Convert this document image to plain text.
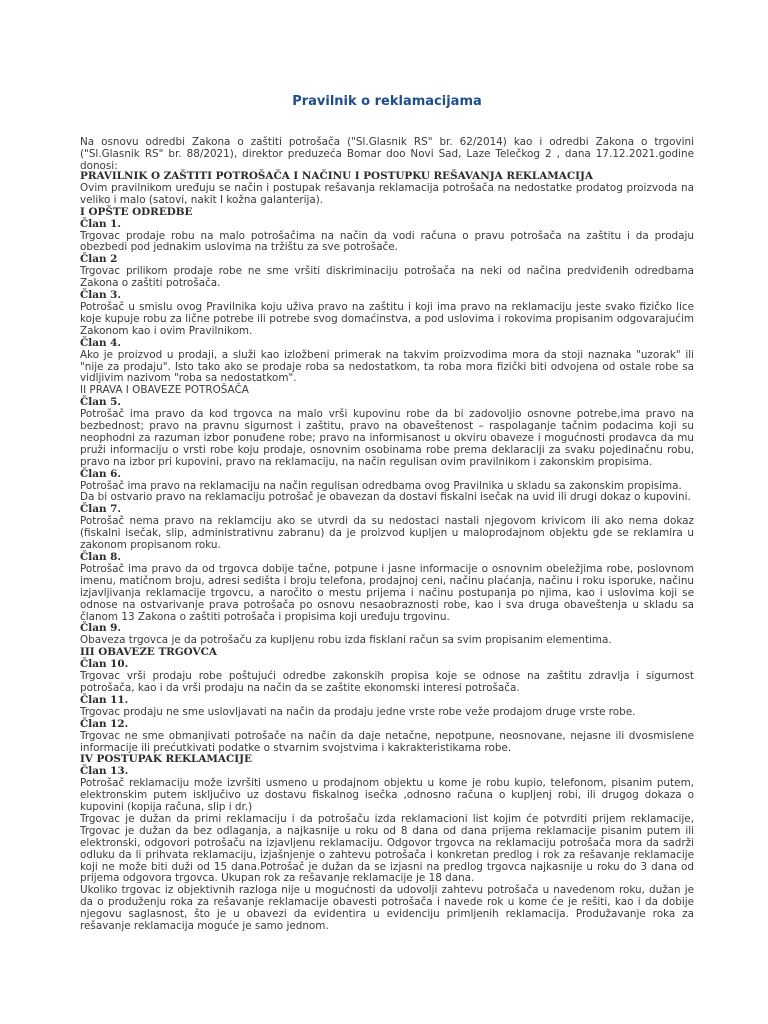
Pravilnik o reklamacijama
Na osnovu odredbi Zakona o zaštiti potrošača ("Sl.Glasnik RS" br. 62/2014) kao i odredbi Zakona o trgovini ("Sl.Glasnik RS" br. 88/2021), direktor preduzeća Bomar doo Novi Sad, Laze Telečkog 2 , dana 17.12.2021.godine donosi:

PRAVILNIK O ZAŠTITI POTROŠAČA I NAČINU I POSTUPKU REŠAVANJA REKLAMACIJA

Ovim pravilnikom uređuju se način i postupak rešavanja reklamacija potrošača na nedostatke prodatog proizvoda na veliko i malo (satovi, nakit I kožna galanterija).

I OPŠTE ODREDBE

Član 1.

Trgovac prodaje robu na malo potrošačima na način da vodi računa o pravu potrošača na zaštitu i da prodaju obezbedi pod jednakim uslovima na tržištu za sve potrošače.

Član 2

Trgovac prilikom prodaje robe ne sme vršiti diskriminaciju potrošača na neki od načina predviđenih odredbama Zakona o zaštiti potrošača.

Član 3.

Potrošač u smislu ovog Pravilnika koju uživa pravo na zaštitu i koji ima pravo na reklamaciju jeste svako fizičko lice koje kupuje robu za lične potrebe ili potrebe svog domaćinstva, a pod uslovima i rokovima propisanim odgovarajućim Zakonom kao i ovim Pravilnikom.

Član 4.

Ako je proizvod u prodaji, a služi kao izložbeni primerak na takvim proizvodima mora da stoji naznaka "uzorak" ili "nije za prodaju". Isto tako ako se prodaje roba sa nedostatkom, ta roba mora fizički biti odvojena od ostale robe sa vidljivim nazivom "roba sa nedostatkom".

II PRAVA I OBAVEZE POTROŠAČA

Član 5.

Potrošač ima pravo da kod trgovca na malo vrši kupovinu robe da bi zadovoljio osnovne potrebe,ima pravo na bezbednost; pravo na pravnu sigurnost i zaštitu, pravo na obaveštenost – raspolaganje tačnim podacima koji su neophodni za razuman izbor ponuđene robe; pravo na informisanost u okviru obaveze i mogućnosti prodavca da mu pruži informaciju o vrsti robe koju prodaje, osnovnim osobinama robe prema deklaraciji za svaku pojedinačnu robu, pravo na izbor pri kupovini, pravo na reklamaciju, na način regulisan ovim pravilnikom i zakonskim propisima.

Član 6.

Potrošač ima pravo na reklamaciju na način regulisan odredbama ovog Pravilnika u skladu sa zakonskim propisima.

Da bi ostvario pravo na reklamaciju potrošač je obavezan da dostavi fiskalni isečak na uvid ili drugi dokaz o kupovini.

Član 7.

Potrošač nema pravo na reklamciju ako se utvrdi da su nedostaci nastali njegovom krivicom ili ako nema dokaz (fiskalni isečak, slip, administrativnu zabranu) da je proizvod kupljen u maloprodajnom objektu gde se reklamira u zakonom propisanom roku.

Član 8.

Potrošač ima pravo da od trgovca dobije tačne, potpune i jasne informacije o osnovnim obeležjima robe, poslovnom imenu, matičnom broju, adresi sedišta i broju telefona, prodajnoj ceni, načinu plaćanja, načinu i roku isporuke, načinu izjavljivanja reklamacije trgovcu, a naročito o mestu prijema i načinu postupanja po njima, kao i uslovima koji se odnose na ostvarivanje prava potrošača po osnovu nesaobraznosti robe, kao i sva druga obaveštenja u skladu sa članom 13 Zakona o zaštiti potrošača i propisima koji uređuju trgovinu.

Član 9.

Obaveza trgovca je da potrošaču za kupljenu robu izda fisklani račun sa svim propisanim elementima.

III OBAVEZE TRGOVCA

Član 10.

Trgovac vrši prodaju robe poštujući odredbe zakonskih propisa koje se odnose na zaštitu zdravlja i sigurnost potrošača, kao i da vrši prodaju na način da se zaštite ekonomski interesi potrošača.

Član 11.

Trgovac prodaju ne sme uslovljavati na način da prodaju jedne vrste robe veže prodajom druge vrste robe.

Član 12.

Trgovac ne sme obmanjivati potrošače na način da daje netačne, nepotpune, neosnovane, nejasne ili dvosmislene informacije ili prećutkivati podatke o stvarnim svojstvima i kakrakteristikama robe.

IV POSTUPAK REKLAMACIJE

Član 13.

Potrošač reklamaciju može izvršiti usmeno u prodajnom objektu u kome je robu kupio, telefonom, pisanim putem, elektronskim putem isključivo uz dostavu fiskalnog isečka ,odnosno računa o kupljenj robi, ili drugog dokaza o kupovini (kopija računa, slip i dr.)

Trgovac je dužan da primi reklamaciju i da potrošaču izda reklamacioni list kojim će potvrditi prijem reklamacije, Trgovac je dužan da bez odlaganja, a najkasnije u roku od 8 dana od dana prijema reklamacije pisanim putem ili elektronski, odgovori potrošaču na izjavljenu reklamaciju. Odgovor trgovca na reklamaciju potrošača mora da sadrži odluku da li prihvata reklamaciju, izjašnjenje o zahtevu potrošača i konkretan predlog i rok za rešavanje reklamacije koji ne može biti duži od 15 dana.Potrošač je dužan da se izjasni na predlog trgovca najkasnije u roku do 3 dana od prijema odgovora trgovca. Ukupan rok za rešavanje reklamacije je 18 dana.

Ukoliko trgovac iz objektivnih razloga nije u mogućnosti da udovolji zahtevu potrošača u navedenom roku, dužan je da o produženju roka za rešavanje reklamacije obavesti potrošača i navede rok u kome će je rešiti, kao i da dobije njegovu saglasnost, što je u obavezi da evidentira u evidenciju primljenih reklamacija. Produžavanje roka za rešavanje reklamacija moguće je samo jednom.
